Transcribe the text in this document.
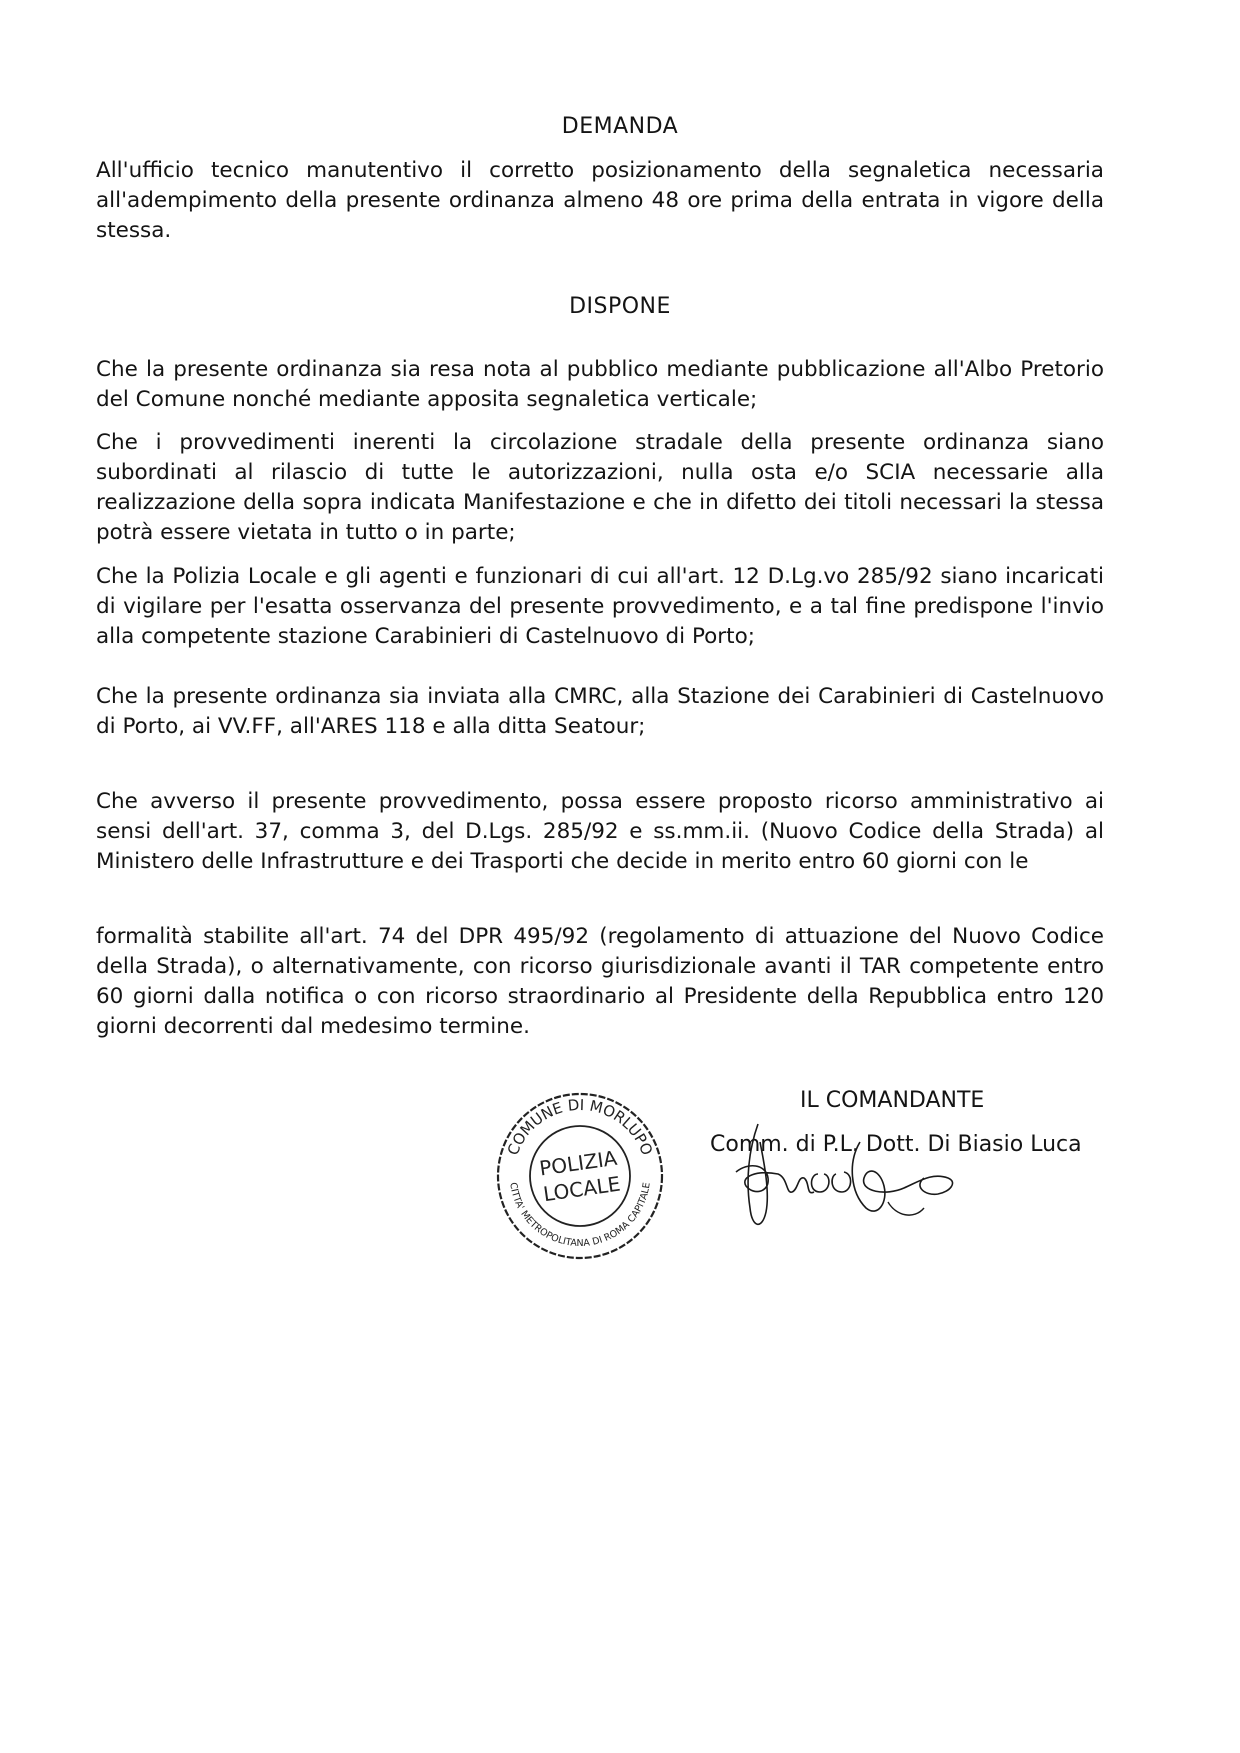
DEMANDA

All'ufficio tecnico manutentivo il corretto posizionamento della segnaletica necessaria all'adempimento della presente ordinanza almeno 48 ore prima della entrata in vigore della stessa.

DISPONE

Che la presente ordinanza sia resa nota al pubblico mediante pubblicazione all'Albo Pretorio del Comune nonché mediante apposita segnaletica verticale;

Che i provvedimenti inerenti la circolazione stradale della presente ordinanza siano subordinati al rilascio di tutte le autorizzazioni, nulla osta e/o SCIA necessarie alla realizzazione della sopra indicata Manifestazione e che in difetto dei titoli necessari la stessa potrà essere vietata in tutto o in parte;

Che la Polizia Locale e gli agenti e funzionari di cui all'art. 12 D.Lg.vo 285/92 siano incaricati di vigilare per l'esatta osservanza del presente provvedimento, e a tal fine predispone l'invio alla competente stazione Carabinieri di Castelnuovo di Porto;

Che la presente ordinanza sia inviata alla CMRC, alla Stazione dei Carabinieri di Castelnuovo di Porto, ai VV.FF, all'ARES 118 e alla ditta Seatour;

Che avverso il presente provvedimento, possa essere proposto ricorso amministrativo ai sensi dell'art. 37, comma 3, del D.Lgs. 285/92 e ss.mm.ii. (Nuovo Codice della Strada) al Ministero delle Infrastrutture e dei Trasporti che decide in merito entro 60 giorni con le

formalità stabilite all'art. 74 del DPR 495/92 (regolamento di attuazione del Nuovo Codice della Strada), o alternativamente, con ricorso giurisdizionale avanti il TAR competente entro 60 giorni dalla notifica o con ricorso straordinario al Presidente della Repubblica entro 120 giorni decorrenti dal medesimo termine.

COMUNE DI MORLUPO
CITTA' METROPOLITANA DI ROMA CAPITALE
POLIZIA
LOCALE

IL COMANDANTE

Comm. di P.L. Dott. Di Biasio Luca
